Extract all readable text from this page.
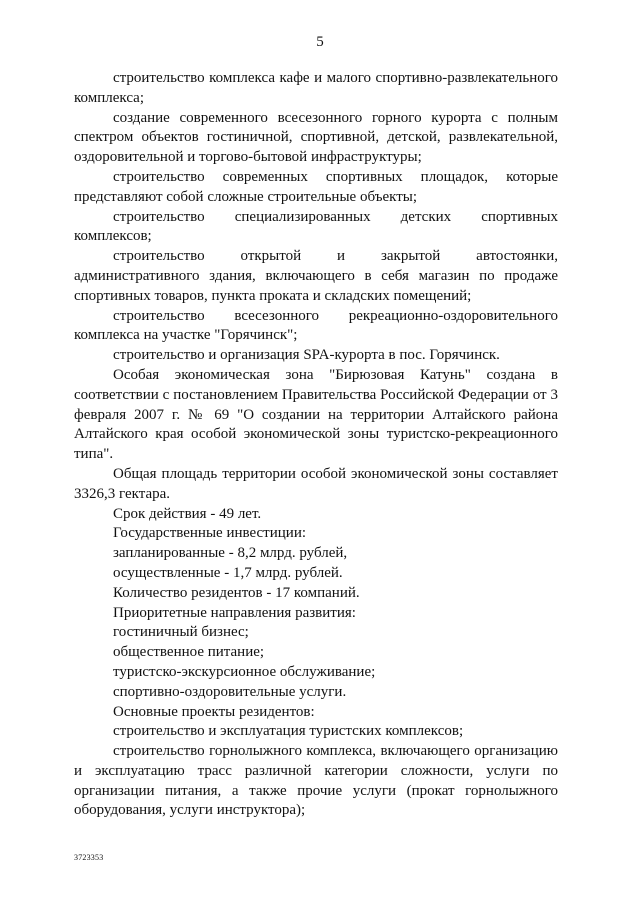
5

строительство комплекса кафе и малого спортивно-развлекательного комплекса;

создание современного всесезонного горного курорта с полным спектром объектов гостиничной, спортивной, детской, развлекательной, оздоровительной и торгово-бытовой инфраструктуры;

строительство современных спортивных площадок, которые представляют собой сложные строительные объекты;

строительство специализированных детских спортивных комплексов;

строительство открытой и закрытой автостоянки, административного здания, включающего в себя магазин по продаже спортивных товаров, пункта проката и складских помещений;

строительство всесезонного рекреационно-оздоровительного комплекса на участке "Горячинск";

строительство и организация SPA-курорта в пос. Горячинск.

Особая экономическая зона "Бирюзовая Катунь" создана в соответствии с постановлением Правительства Российской Федерации от 3 февраля 2007 г. № 69 "О создании на территории Алтайского района Алтайского края особой экономической зоны туристско-рекреационного типа".

Общая площадь территории особой экономической зоны составляет 3326,3 гектара.

Срок действия - 49 лет.

Государственные инвестиции:

запланированные - 8,2 млрд. рублей,

осуществленные - 1,7 млрд. рублей.

Количество резидентов - 17 компаний.

Приоритетные направления развития:

гостиничный бизнес;

общественное питание;

туристско-экскурсионное обслуживание;

спортивно-оздоровительные услуги.

Основные проекты резидентов:

строительство и эксплуатация туристских комплексов;

строительство горнолыжного комплекса, включающего организацию и эксплуатацию трасс различной категории сложности, услуги по организации питания, а также прочие услуги (прокат горнолыжного оборудования, услуги инструктора);

3723353
